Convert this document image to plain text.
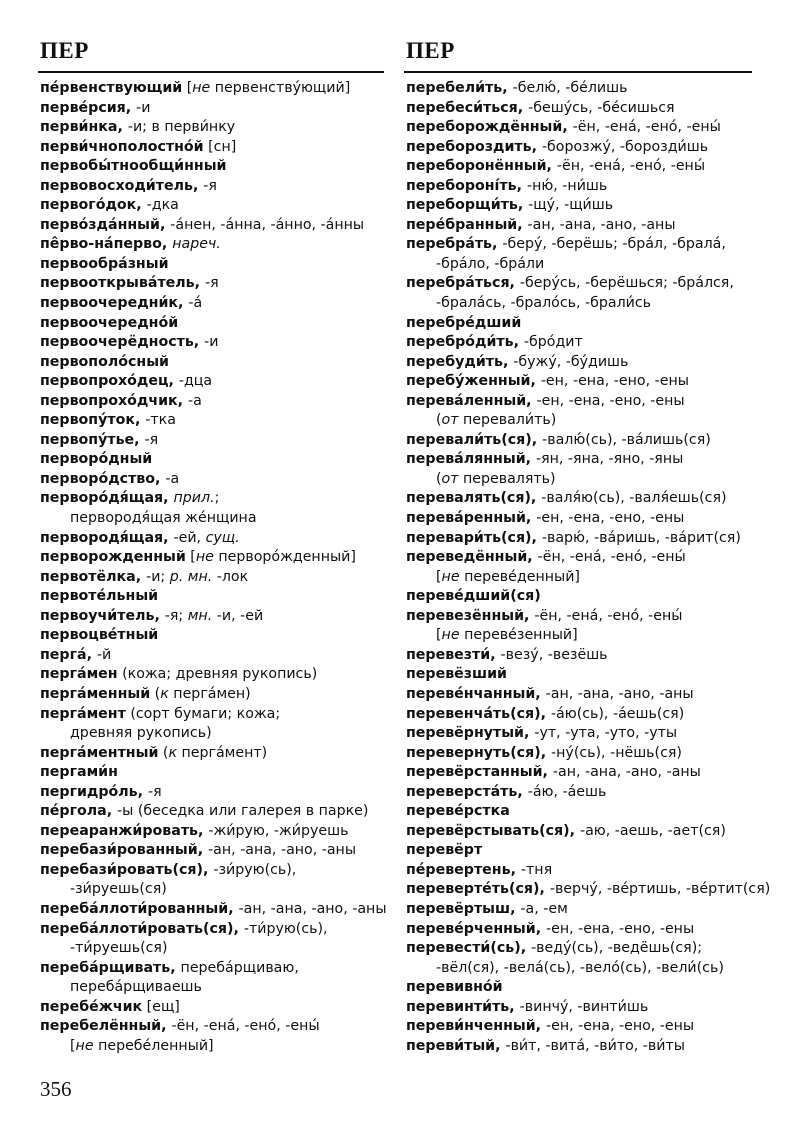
ПЕР	ПЕР
пе́рвенствующий [не первенству́ющий]
перве́рсия, -и
перви́нка, -и; в перви́нку
перви́чнополостно́й [сн]
первобы́тнообщи́нный
первовосходи́тель, -я
первого́док, -дка
перво́зда́нный, -а́нен, -а́нна, -а́нно, -а́нны
пе̂рво-на́перво, нареч.
первообра́зный
первооткрыва́тель, -я
первоочередни́к, -а́
первоочередно́й
первоочерёдность, -и
первополо́сный
первопрохо́дец, -дца
первопрохо́дчик, -а
первопу́ток, -тка
первопу́тье, -я
первоpо́дный
первоpо́дство, -а
перворо́дя́щая, прил.;
первородя́щая же́нщина
первородя́щая, -ей, сущ.
перворожденный [не перворо́жденный]
первотёлка, -и; р. мн. -лок
первоте́льный
первоучи́тель, -я; мн. -и, -ей
первоцве́тный
перга́, -й
перга́мен (кожа; древняя рукопись)
перга́менный (к перга́мен)
перга́мент (сорт бумаги; кожа;
древняя рукопись)
перга́ментный (к перга́мент)
пергами́н
пергидро́ль, -я
пе́ргола, -ы (беседка или галерея в парке)
переаранжи́ровать, -жи́рую, -жи́руешь
перебази́рованный, -ан, -ана, -ано, -аны
перебази́ровать(ся), -зи́рую(сь),
-зи́руешь(ся)
переба́ллоти́рованный, -ан, -ана, -ано, -аны
переба́ллоти́ровать(ся), -ти́рую(сь),
-ти́руешь(ся)
переба́рщивать, переба́рщиваю,
переба́рщиваешь
перебе́жчик [ещ]
перебелённый, -ён, -ена́, -ено́, -ены́
[не перебе́ленный]
перебели́ть, -белю́, -бе́лишь
перебеси́ться, -бешу́сь, -бе́сишься
переборождённый, -ён, -ена́, -ено́, -ены́
перебороздить, -борозжу́, -борозди́шь
переборонённый, -ён, -ена́, -ено́, -ены́
перебороні́ть, -ню́, -ни́шь
переборщи́ть, -щу́, -щи́шь
пере́бранный, -ан, -ана, -ано, -аны
перебра́ть, -беру́, -берёшь; -бра́л, -брала́,
-бра́ло, -бра́ли
перебра́ться, -беру́сь, -берёшься; -бра́лся,
-брала́сь, -брало́сь, -брали́сь
перебре́дший
перебро́ди́ть, -бро́дит
перебуди́ть, -бужу́, -бу́дишь
перебу́женный, -ен, -ена, -ено, -ены
перева́ленный, -ен, -ена, -ено, -ены
(от перевали́ть)
перевали́ть(ся), -валю́(сь), -ва́лишь(ся)
перева́лянный, -ян, -яна, -яно, -яны
(от перевалять)
перевалять(ся), -валя́ю(сь), -валя́ешь(ся)
перева́ренный, -ен, -ена, -ено, -ены
перевари́ть(ся), -варю́, -ва́ришь, -ва́рит(ся)
переведённый, -ён, -ена́, -ено́, -ены́
[не переве́денный]
переве́дший(ся)
перевезённый, -ён, -ена́, -ено́, -ены́
[не переве́зенный]
перевезти́, -везу́, -везёшь
перевёзший
переве́нчанный, -ан, -ана, -ано, -аны
перевенча́ть(ся), -а́ю(сь), -а́ешь(ся)
перевёрнутый, -ут, -ута, -уто, -уты
перевернуть(ся), -ну́(сь), -нёшь(ся)
перевёрстанный, -ан, -ана, -ано, -аны
переверста́ть, -а́ю, -а́ешь
переве́рстка
перевёрстывать(ся), -аю, -аешь, -ает(ся)
перевёрт
пе́ревертень, -тня
переверте́ть(ся), -верчу́, -ве́ртишь, -ве́ртит(ся)
перевёртыш, -а, -ем
переве́рченный, -ен, -ена, -ено, -ены
перевести́(сь), -веду́(сь), -ведёшь(ся);
-вёл(ся), -вела́(сь), -вело́(сь), -вели́(сь)
перевивно́й
перевинти́ть, -винчу́, -винти́шь
переви́нченный, -ен, -ена, -ено, -ены
переви́тый, -ви́т, -вита́, -ви́то, -ви́ты
356
